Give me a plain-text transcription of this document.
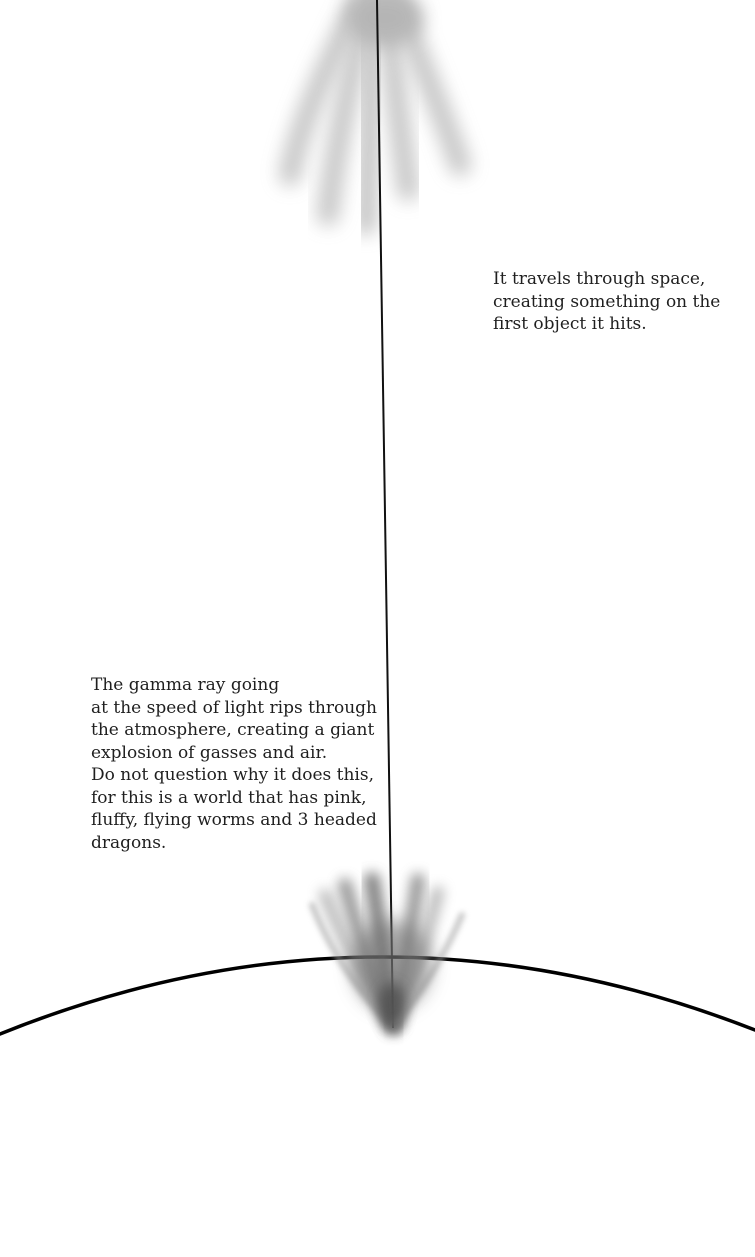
It travels through space,
creating something on the
first object it hits.
The gamma ray going
at the speed of light rips through
the atmosphere, creating a giant
explosion of gasses and air.
Do not question why it does this,
for this is a world that has pink,
fluffy, flying worms and 3 headed
dragons.
